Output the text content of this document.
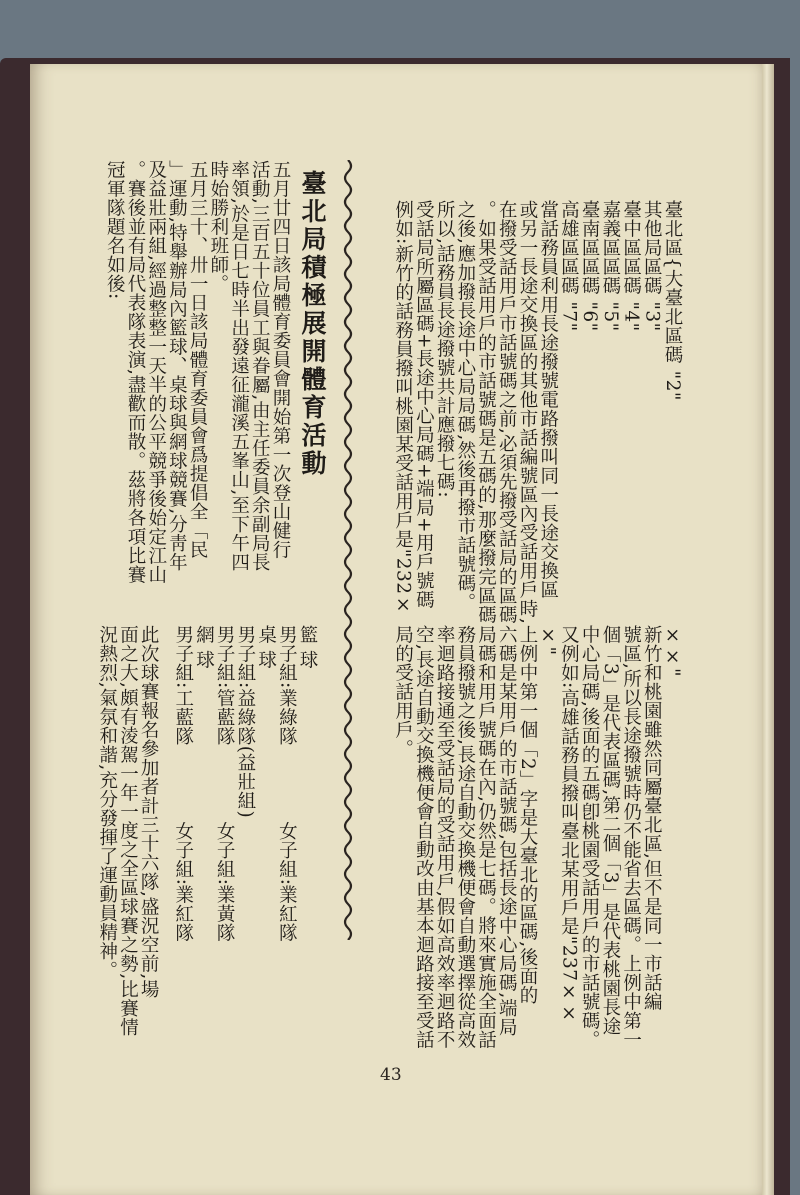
臺北區{大臺北區碼 "2"
其他局區碼 "3"
臺中區區碼 "4"
嘉義區區碼 "5"
臺南區區碼 "6"
高雄區區碼 "7"
當話務員利用長途撥號電路撥叫同一長途交換區
或另一長途交換區的其他市話編號區內受話用戶時,
在撥受話用戶市話號碼之前,必須先撥受話局的區碼
。如果受話用戶的市話號碼是五碼的,那麼撥完區碼
之後,應加撥長途中心局局碼,然後再撥市話號碼。
所以,話務員長途撥號共計應撥七碼:
受話局所屬區碼+長途中心局碼+端局+用戶號碼
例如:新竹的話務員撥叫桃園某受話用戶是"232×
××"
新竹和桃園雖然同屬臺北區,但不是同一市話編
號區,所以長途撥號時仍不能省去區碼。上例中第一
個「3」是代表區碼,第二個「3」是代表桃園長途
中心局碼,後面的五碼卽桃園受話用戶的市話號碼。
又例如:高雄話務員撥叫臺北某用戶是"237××
×"
上例中第一個「2」字是大臺北的區碼,後面的
六碼是某用戶的市話號碼,包括長途中心局碼,端局
局碼和用戶號碼在內,仍然是七碼。將來實施全面話
務員撥號之後,長途自動交換機便會自動選擇從高效
率迴路接通至受話局的受話用戶,假如高效率迴路不
空,長途自動交換機便會自動改由基本迴路接至受話
局的受話用戶。
臺北局積極展開體育活動
五月廿四日該局體育委員會開始第一次登山健行
活動,三百五十位員工與眷屬,由主任委員余副局長
率領,於是日七時半出發遠征瀧溪五峯山,至下午四
時始勝利班師。
五月三十、卅一日該局體育委員會爲提倡全「民
」運動,特舉辦局內籃球、桌球與網球競賽,分靑年
及益壯兩組,經過整整一天半的公平競爭後始定江山
。賽後並有局代表隊表演,盡歡而散。茲將各項比賽
冠軍隊題名如後:
籃 球
男子組:業綠隊　　　　女子組:業紅隊
桌 球
男子組:益綠隊(益壯組)
男子組:管藍隊　　　　女子組:業黃隊
網 球
男子組:工藍隊　　　　女子組:業紅隊
此次球賽報名參加者計三十六隊,盛況空前,場
面之大,頗有淩駕一年一度之全區球賽之勢,比賽情
況熱烈,氣氛和諧,充分發揮了運動員精神。
43
